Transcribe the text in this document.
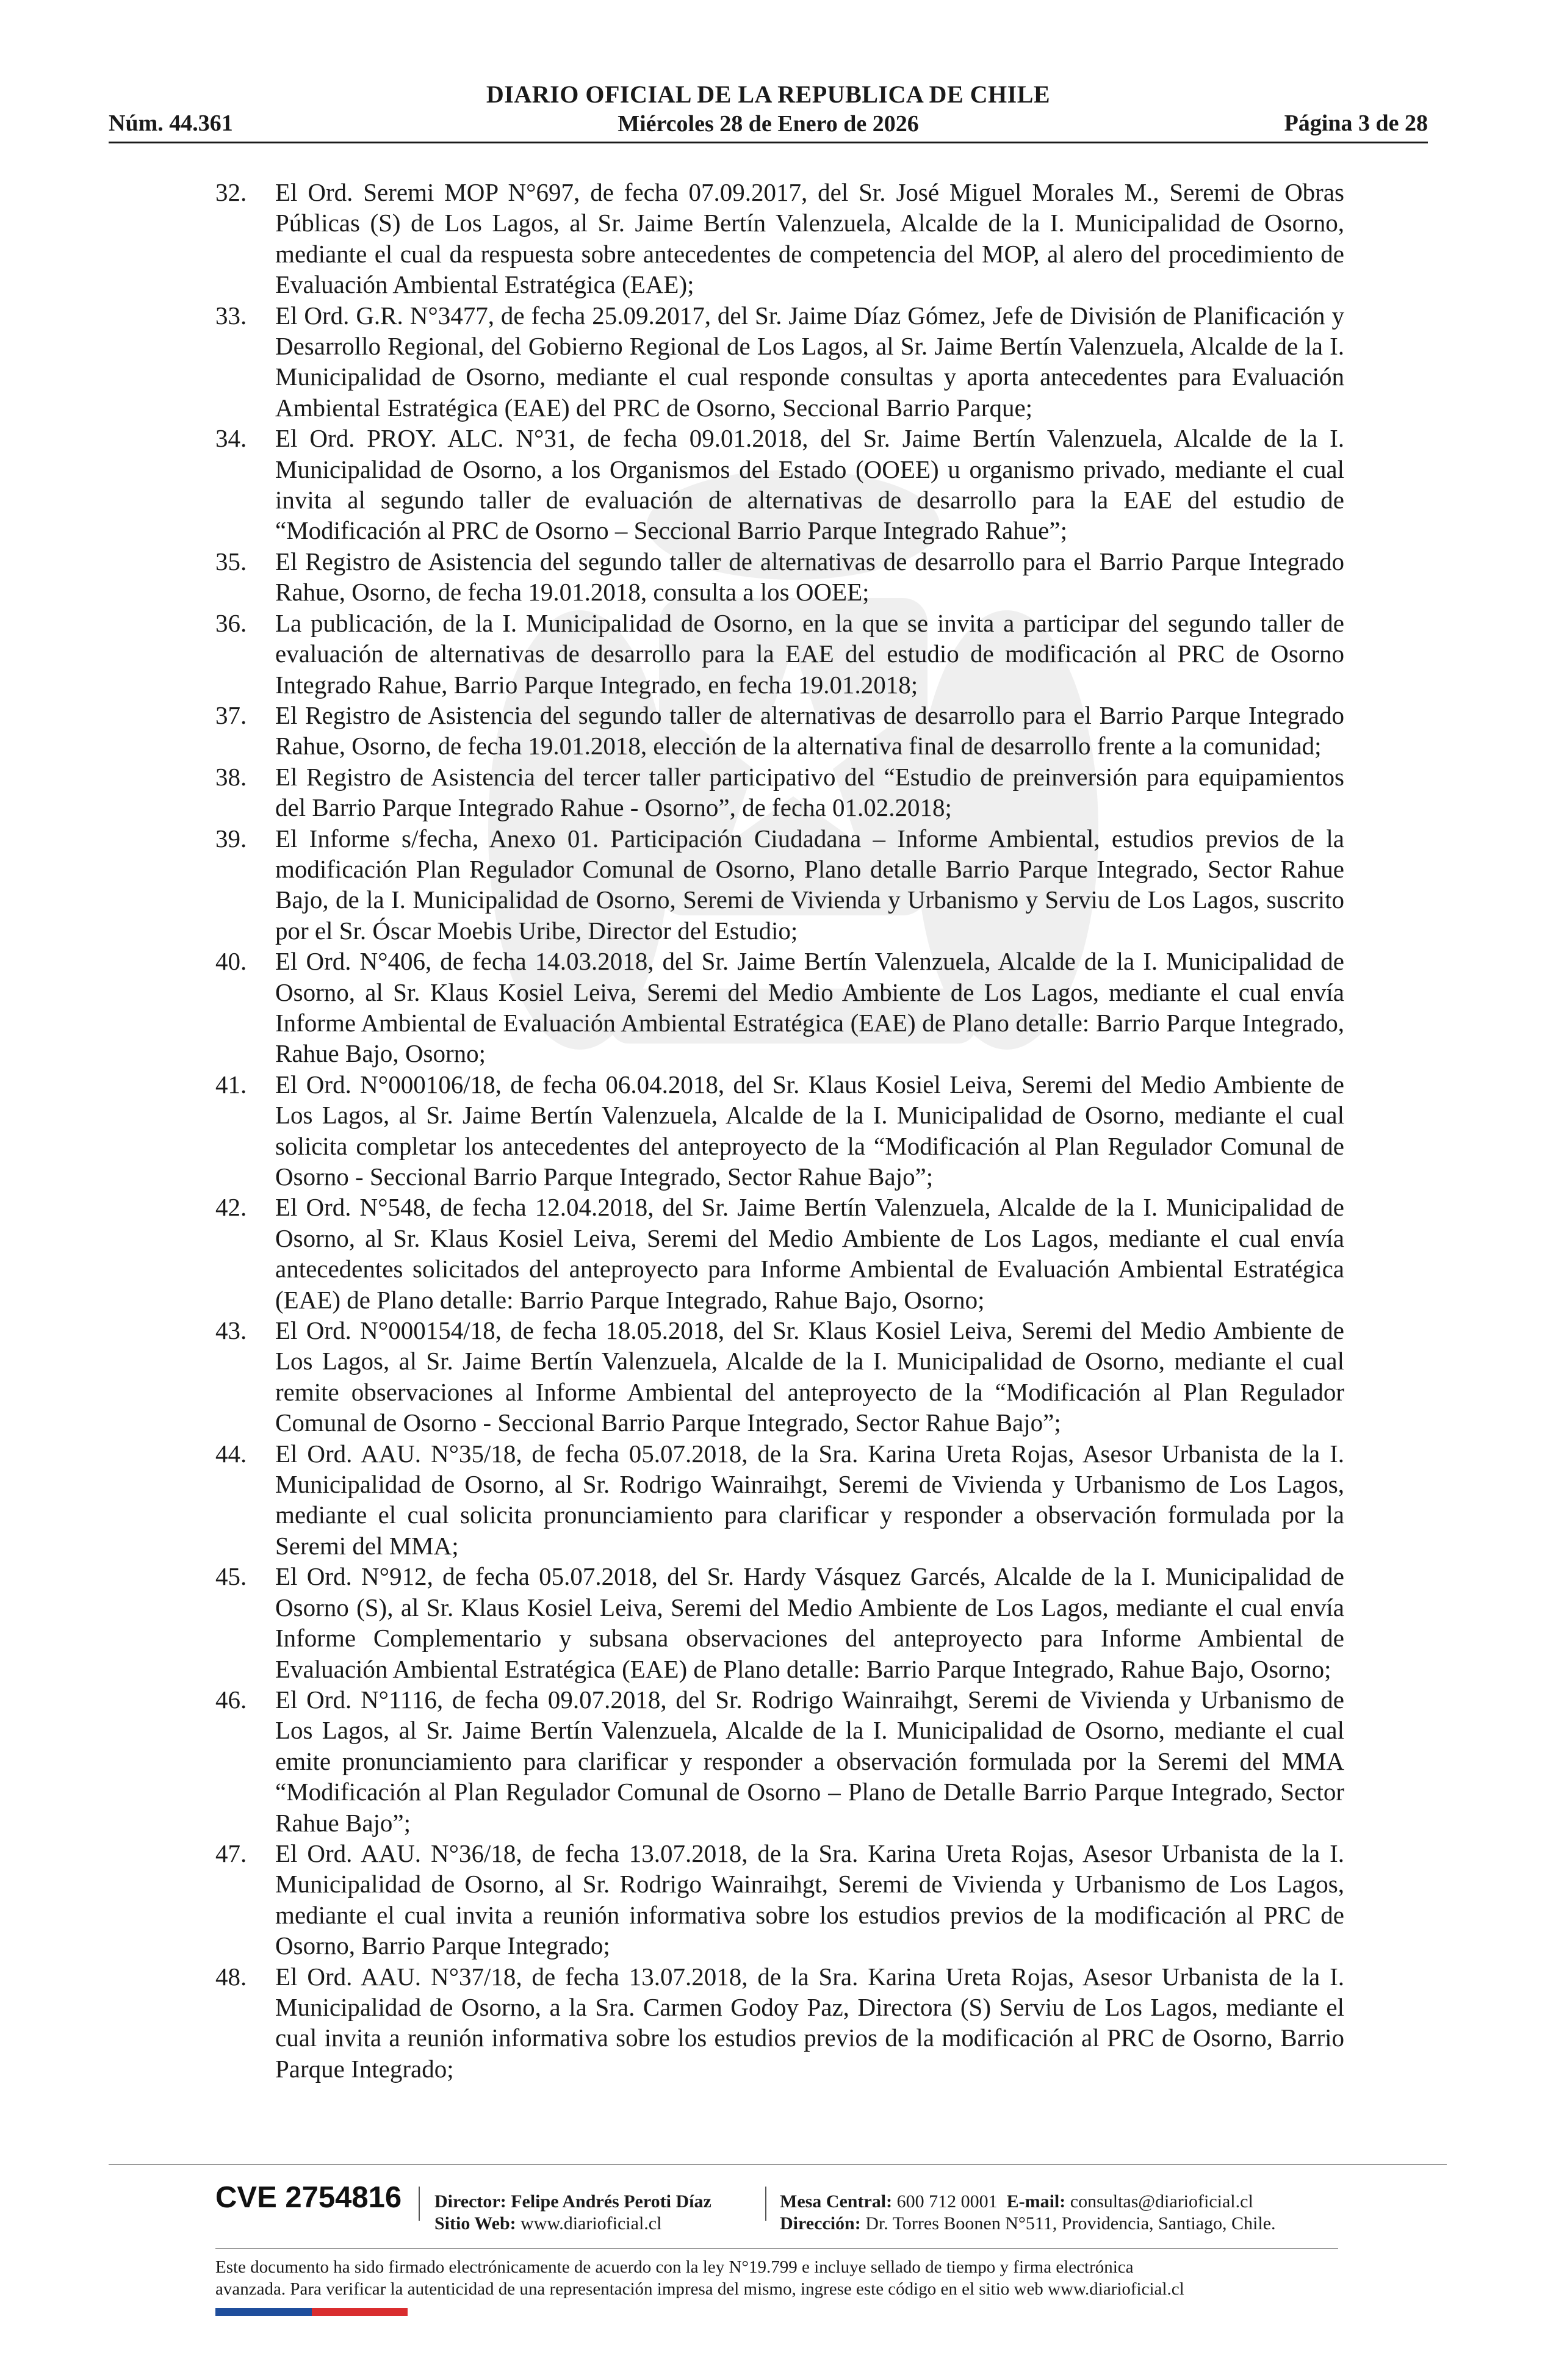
Núm. 44.361
DIARIO OFICIAL DE LA REPUBLICA DE CHILE
Miércoles 28 de Enero de 2026	Página 3 de 28
32. El Ord. Seremi MOP N°697, de fecha 07.09.2017, del Sr. José Miguel Morales M., Seremi de Obras Públicas (S) de Los Lagos, al Sr. Jaime Bertín Valenzuela, Alcalde de la I. Municipalidad de Osorno, mediante el cual da respuesta sobre antecedentes de competencia del MOP, al alero del procedimiento de Evaluación Ambiental Estratégica (EAE);
33. El Ord. G.R. N°3477, de fecha 25.09.2017, del Sr. Jaime Díaz Gómez, Jefe de División de Planificación y Desarrollo Regional, del Gobierno Regional de Los Lagos, al Sr. Jaime Bertín Valenzuela, Alcalde de la I. Municipalidad de Osorno, mediante el cual responde consultas y aporta antecedentes para Evaluación Ambiental Estratégica (EAE) del PRC de Osorno, Seccional Barrio Parque;
34. El Ord. PROY. ALC. N°31, de fecha 09.01.2018, del Sr. Jaime Bertín Valenzuela, Alcalde de la I. Municipalidad de Osorno, a los Organismos del Estado (OOEE) u organismo privado, mediante el cual invita al segundo taller de evaluación de alternativas de desarrollo para la EAE del estudio de “Modificación al PRC de Osorno – Seccional Barrio Parque Integrado Rahue”;
35. El Registro de Asistencia del segundo taller de alternativas de desarrollo para el Barrio Parque Integrado Rahue, Osorno, de fecha 19.01.2018, consulta a los OOEE;
36. La publicación, de la I. Municipalidad de Osorno, en la que se invita a participar del segundo taller de evaluación de alternativas de desarrollo para la EAE del estudio de modificación al PRC de Osorno Integrado Rahue, Barrio Parque Integrado, en fecha 19.01.2018;
37. El Registro de Asistencia del segundo taller de alternativas de desarrollo para el Barrio Parque Integrado Rahue, Osorno, de fecha 19.01.2018, elección de la alternativa final de desarrollo frente a la comunidad;
38. El Registro de Asistencia del tercer taller participativo del “Estudio de preinversión para equipamientos del Barrio Parque Integrado Rahue - Osorno”, de fecha 01.02.2018;
39. El Informe s/fecha, Anexo 01. Participación Ciudadana – Informe Ambiental, estudios previos de la modificación Plan Regulador Comunal de Osorno, Plano detalle Barrio Parque Integrado, Sector Rahue Bajo, de la I. Municipalidad de Osorno, Seremi de Vivienda y Urbanismo y Serviu de Los Lagos, suscrito por el Sr. Óscar Moebis Uribe, Director del Estudio;
40. El Ord. N°406, de fecha 14.03.2018, del Sr. Jaime Bertín Valenzuela, Alcalde de la I. Municipalidad de Osorno, al Sr. Klaus Kosiel Leiva, Seremi del Medio Ambiente de Los Lagos, mediante el cual envía Informe Ambiental de Evaluación Ambiental Estratégica (EAE) de Plano detalle: Barrio Parque Integrado, Rahue Bajo, Osorno;
41. El Ord. N°000106/18, de fecha 06.04.2018, del Sr. Klaus Kosiel Leiva, Seremi del Medio Ambiente de Los Lagos, al Sr. Jaime Bertín Valenzuela, Alcalde de la I. Municipalidad de Osorno, mediante el cual solicita completar los antecedentes del anteproyecto de la “Modificación al Plan Regulador Comunal de Osorno - Seccional Barrio Parque Integrado, Sector Rahue Bajo”;
42. El Ord. N°548, de fecha 12.04.2018, del Sr. Jaime Bertín Valenzuela, Alcalde de la I. Municipalidad de Osorno, al Sr. Klaus Kosiel Leiva, Seremi del Medio Ambiente de Los Lagos, mediante el cual envía antecedentes solicitados del anteproyecto para Informe Ambiental de Evaluación Ambiental Estratégica (EAE) de Plano detalle: Barrio Parque Integrado, Rahue Bajo, Osorno;
43. El Ord. N°000154/18, de fecha 18.05.2018, del Sr. Klaus Kosiel Leiva, Seremi del Medio Ambiente de Los Lagos, al Sr. Jaime Bertín Valenzuela, Alcalde de la I. Municipalidad de Osorno, mediante el cual remite observaciones al Informe Ambiental del anteproyecto de la “Modificación al Plan Regulador Comunal de Osorno - Seccional Barrio Parque Integrado, Sector Rahue Bajo”;
44. El Ord. AAU. N°35/18, de fecha 05.07.2018, de la Sra. Karina Ureta Rojas, Asesor Urbanista de la I. Municipalidad de Osorno, al Sr. Rodrigo Wainraihgt, Seremi de Vivienda y Urbanismo de Los Lagos, mediante el cual solicita pronunciamiento para clarificar y responder a observación formulada por la Seremi del MMA;
45. El Ord. N°912, de fecha 05.07.2018, del Sr. Hardy Vásquez Garcés, Alcalde de la I. Municipalidad de Osorno (S), al Sr. Klaus Kosiel Leiva, Seremi del Medio Ambiente de Los Lagos, mediante el cual envía Informe Complementario y subsana observaciones del anteproyecto para Informe Ambiental de Evaluación Ambiental Estratégica (EAE) de Plano detalle: Barrio Parque Integrado, Rahue Bajo, Osorno;
46. El Ord. N°1116, de fecha 09.07.2018, del Sr. Rodrigo Wainraihgt, Seremi de Vivienda y Urbanismo de Los Lagos, al Sr. Jaime Bertín Valenzuela, Alcalde de la I. Municipalidad de Osorno, mediante el cual emite pronunciamiento para clarificar y responder a observación formulada por la Seremi del MMA “Modificación al Plan Regulador Comunal de Osorno – Plano de Detalle Barrio Parque Integrado, Sector Rahue Bajo”;
47. El Ord. AAU. N°36/18, de fecha 13.07.2018, de la Sra. Karina Ureta Rojas, Asesor Urbanista de la I. Municipalidad de Osorno, al Sr. Rodrigo Wainraihgt, Seremi de Vivienda y Urbanismo de Los Lagos, mediante el cual invita a reunión informativa sobre los estudios previos de la modificación al PRC de Osorno, Barrio Parque Integrado;
48. El Ord. AAU. N°37/18, de fecha 13.07.2018, de la Sra. Karina Ureta Rojas, Asesor Urbanista de la I. Municipalidad de Osorno, a la Sra. Carmen Godoy Paz, Directora (S) Serviu de Los Lagos, mediante el cual invita a reunión informativa sobre los estudios previos de la modificación al PRC de Osorno, Barrio Parque Integrado;
CVE 2754816 Director: Felipe Andrés Peroti Díaz
Sitio Web: www.diarioficial.cl
Mesa Central: 600 712 0001 E-mail: consultas@diarioficial.cl
Dirección: Dr. Torres Boonen N°511, Providencia, Santiago, Chile.
Este documento ha sido firmado electrónicamente de acuerdo con la ley N°19.799 e incluye sellado de tiempo y firma electrónica
avanzada. Para verificar la autenticidad de una representación impresa del mismo, ingrese este código en el sitio web www.diarioficial.cl
